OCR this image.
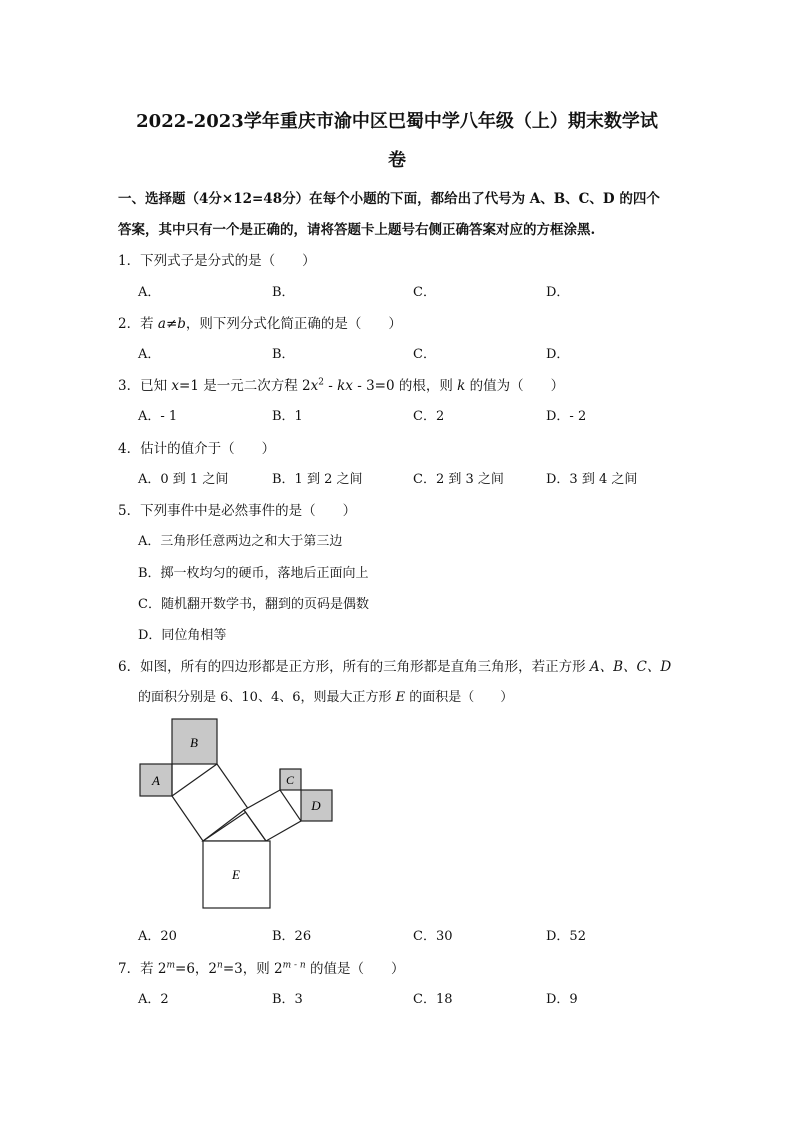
2022-2023学年重庆市渝中区巴蜀中学八年级（上）期末数学试
卷
一、选择题（4分×12=48分）在每个小题的下面，都给出了代号为 A、B、C、D 的四个
答案，其中只有一个是正确的，请将答题卡上题号右侧正确答案对应的方框涂黑.
1．下列式子是分式的是（　　）
A．	B．	C．	D．
2．若 a≠b，则下列分式化简正确的是（　　）
A．	B．	C．	D．
3．已知 x=1 是一元二次方程 $2x^2$ - kx - 3=0 的根，则 k 的值为（　　）
A．- 1	B．1	C．2	D．- 2
4．估计的值介于（　　）
A．0 到 1 之间	B．1 到 2 之间	C．2 到 3 之间	D．3 到 4 之间
5．下列事件中是必然事件的是（　　）
A．三角形任意两边之和大于第三边
B．掷一枚均匀的硬币，落地后正面向上
C．随机翻开数学书，翻到的页码是偶数
D．同位角相等
6．如图，所有的四边形都是正方形，所有的三角形都是直角三角形，若正方形 A、B、C、D
的面积分别是 6、10、4、6，则最大正方形 E 的面积是（　　）
B
A	C
D
E
A．20	B．26	C．30	D．52
7．若 $2^m=6$，$2^n=3$，则 2$^{m - n}$ 的值是（　　）
A．2	B．3	C．18	D．9
